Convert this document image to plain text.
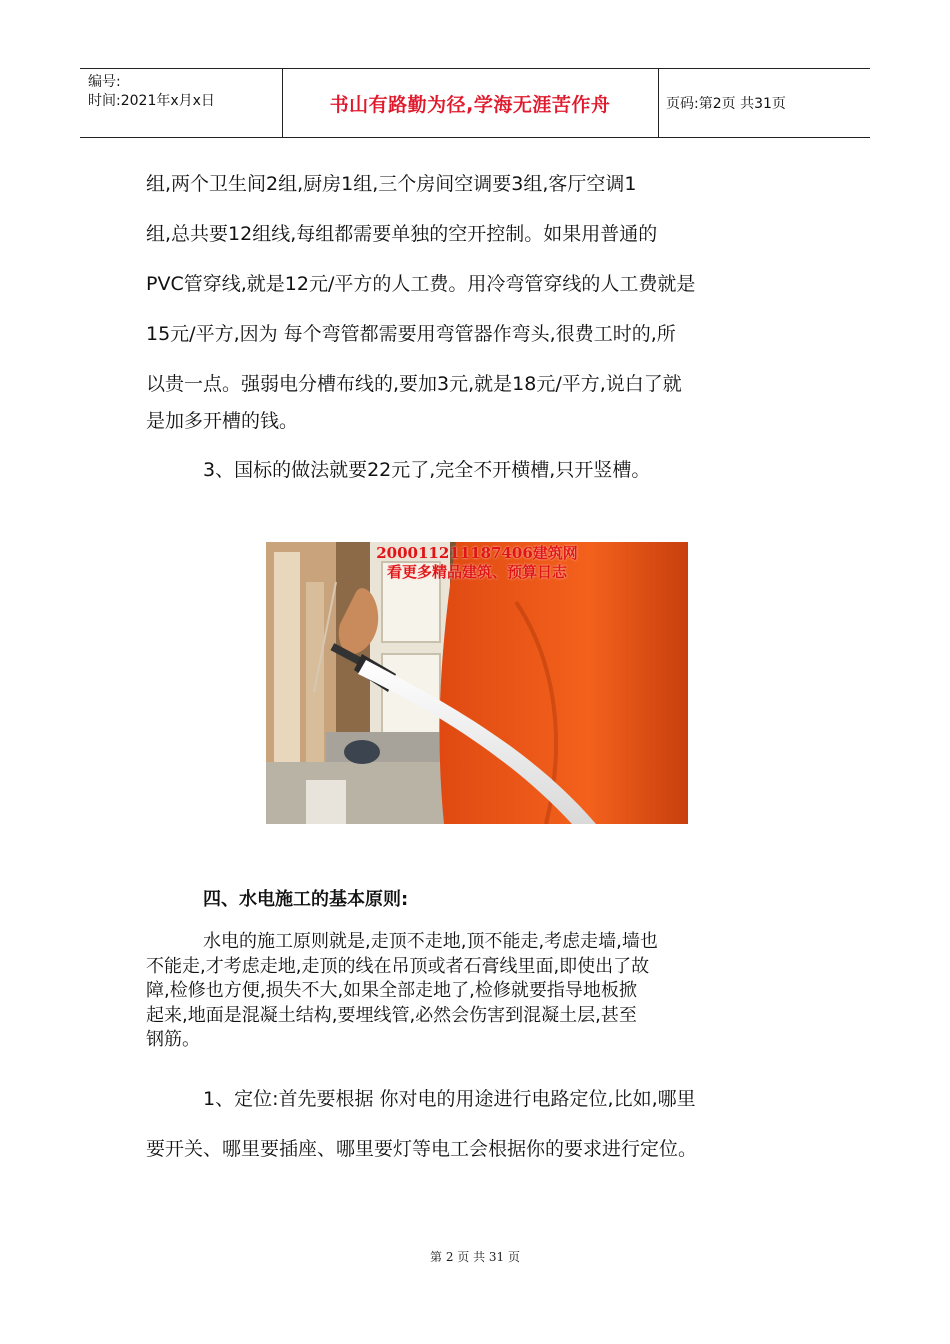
编号:
时间:2021年x月x日	书山有路勤为径,学海无涯苦作舟	页码:第2页 共31页
组,两个卫生间2组,厨房1组,三个房间空调要3组,客厅空调1
组,总共要12组线,每组都需要单独的空开控制。如果用普通的
PVC管穿线,就是12元/平方的人工费。用冷弯管穿线的人工费就是
15元/平方,因为 每个弯管都需要用弯管器作弯头,很费工时的,所
以贵一点。强弱电分槽布线的,要加3元,就是18元/平方,说白了就
是加多开槽的钱。
3、国标的做法就要22元了,完全不开横槽,只开竖槽。
200011211187406建筑网
看更多精品建筑、预算日志
四、水电施工的基本原则:
水电的施工原则就是,走顶不走地,顶不能走,考虑走墙,墙也
不能走,才考虑走地,走顶的线在吊顶或者石膏线里面,即使出了故
障,检修也方便,损失不大,如果全部走地了,检修就要指导地板掀
起来,地面是混凝土结构,要埋线管,必然会伤害到混凝土层,甚至
钢筋。
1、定位:首先要根据 你对电的用途进行电路定位,比如,哪里
要开关、哪里要插座、哪里要灯等电工会根据你的要求进行定位。
第 2 页 共 31 页
